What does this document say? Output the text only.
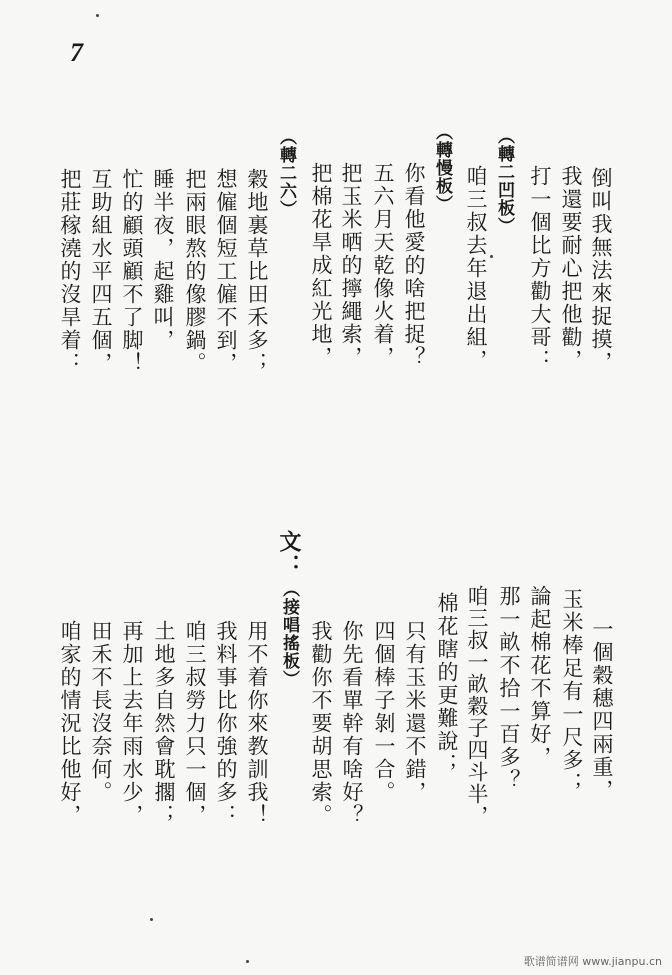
7
倒叫我無法來捉摸，
我還要耐心把他勸，
打一個比方勸大哥：
（轉二凹板）
咱三叔去年退出組，
（轉慢板）
你看他愛的啥把捉？
五六月天乾像火着，
把玉米晒的擰繩索，
把棉花旱成紅光地，
（轉二六）
穀地裏草比田禾多；
想僱個短工僱不到，
把兩眼熬的像膠鍋。
睡半夜，起雞叫，
忙的顧頭顧不了脚！
互助組水平四五個，
把莊稼澆的沒旱着：
一個穀穗四兩重，
玉米棒足有一尺多；
論起棉花不算好，
那一畝不拾一百多？
咱三叔一畝穀子四斗半，
棉花瞎的更難說；
只有玉米還不錯，
四個棒子剝一合。
你先看單幹有啥好？
我勸你不要胡思索。
（接唱搖板）
文：
用不着你來教訓我！
我料事比你強的多：
咱三叔勞力只一個，
土地多自然會耽擱；
再加上去年雨水少，
田禾不長沒奈何。
咱家的情況比他好，
歌谱简谱网 www.jianpu.cn
